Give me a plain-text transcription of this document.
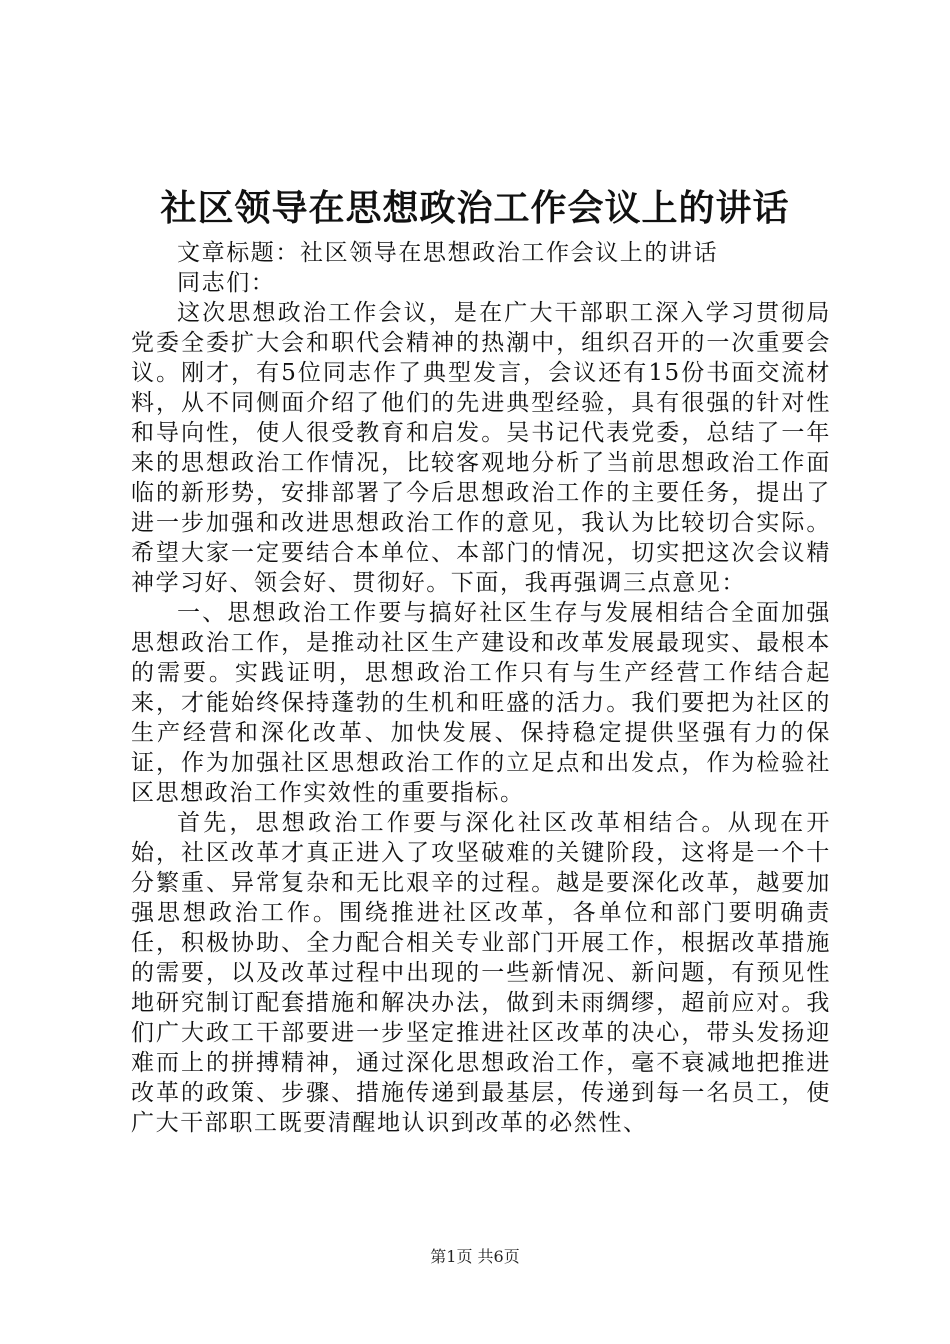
社区领导在思想政治工作会议上的讲话

文章标题：社区领导在思想政治工作会议上的讲话

同志们：

这次思想政治工作会议，是在广大干部职工深入学习贯彻局党委全委扩大会和职代会精神的热潮中，组织召开的一次重要会议。刚才，有5位同志作了典型发言，会议还有15份书面交流材料，从不同侧面介绍了他们的先进典型经验，具有很强的针对性和导向性，使人很受教育和启发。吴书记代表党委，总结了一年来的思想政治工作情况，比较客观地分析了当前思想政治工作面临的新形势，安排部署了今后思想政治工作的主要任务，提出了进一步加强和改进思想政治工作的意见，我认为比较切合实际。希望大家一定要结合本单位、本部门的情况，切实把这次会议精神学习好、领会好、贯彻好。下面，我再强调三点意见：

一、思想政治工作要与搞好社区生存与发展相结合全面加强思想政治工作，是推动社区生产建设和改革发展最现实、最根本的需要。实践证明，思想政治工作只有与生产经营工作结合起来，才能始终保持蓬勃的生机和旺盛的活力。我们要把为社区的生产经营和深化改革、加快发展、保持稳定提供坚强有力的保证，作为加强社区思想政治工作的立足点和出发点，作为检验社区思想政治工作实效性的重要指标。

首先，思想政治工作要与深化社区改革相结合。从现在开始，社区改革才真正进入了攻坚破难的关键阶段，这将是一个十分繁重、异常复杂和无比艰辛的过程。越是要深化改革，越要加强思想政治工作。围绕推进社区改革，各单位和部门要明确责任，积极协助、全力配合相关专业部门开展工作，根据改革措施的需要，以及改革过程中出现的一些新情况、新问题，有预见性地研究制订配套措施和解决办法，做到未雨绸缪，超前应对。我们广大政工干部要进一步坚定推进社区改革的决心，带头发扬迎难而上的拼搏精神，通过深化思想政治工作，毫不衰减地把推进改革的政策、步骤、措施传递到最基层，传递到每一名员工，使广大干部职工既要清醒地认识到改革的必然性、

第1页 共6页
